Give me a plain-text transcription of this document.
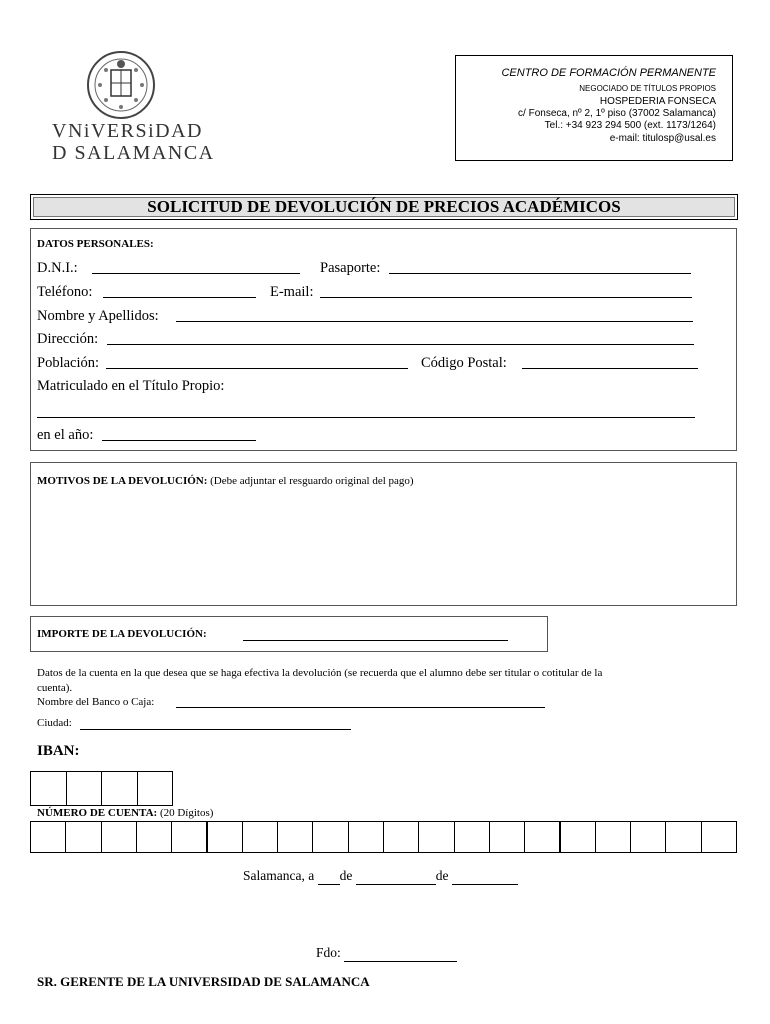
VNiVERSiDAD
D SALAMANCA
CENTRO DE FORMACIÓN PERMANENTE
NEGOCIADO DE TÍTULOS PROPIOS
HOSPEDERIA FONSECA
c/ Fonseca, nº 2, 1º piso (37002 Salamanca)
Tel.: +34 923 294 500 (ext. 1173/1264)
e-mail: titulosp@usal.es
SOLICITUD DE DEVOLUCIÓN DE PRECIOS ACADÉMICOS
DATOS PERSONALES:
D.N.I.:	Pasaporte:
Teléfono:	E-mail:
Nombre y Apellidos:
Dirección:
Población:	Código Postal:
Matriculado en el Título Propio:
en el año:
MOTIVOS DE LA DEVOLUCIÓN: (Debe adjuntar el resguardo original del pago)
IMPORTE DE LA DEVOLUCIÓN:
Datos de la cuenta en la que desea que se haga efectiva la devolución (se recuerda que el alumno debe ser titular o cotitular de la
cuenta).
Nombre del Banco o Caja:
Ciudad:
IBAN:
NÚMERO DE CUENTA: (20 Dígitos)
Salamanca, a de	de
Fdo:
SR. GERENTE DE LA UNIVERSIDAD DE SALAMANCA
